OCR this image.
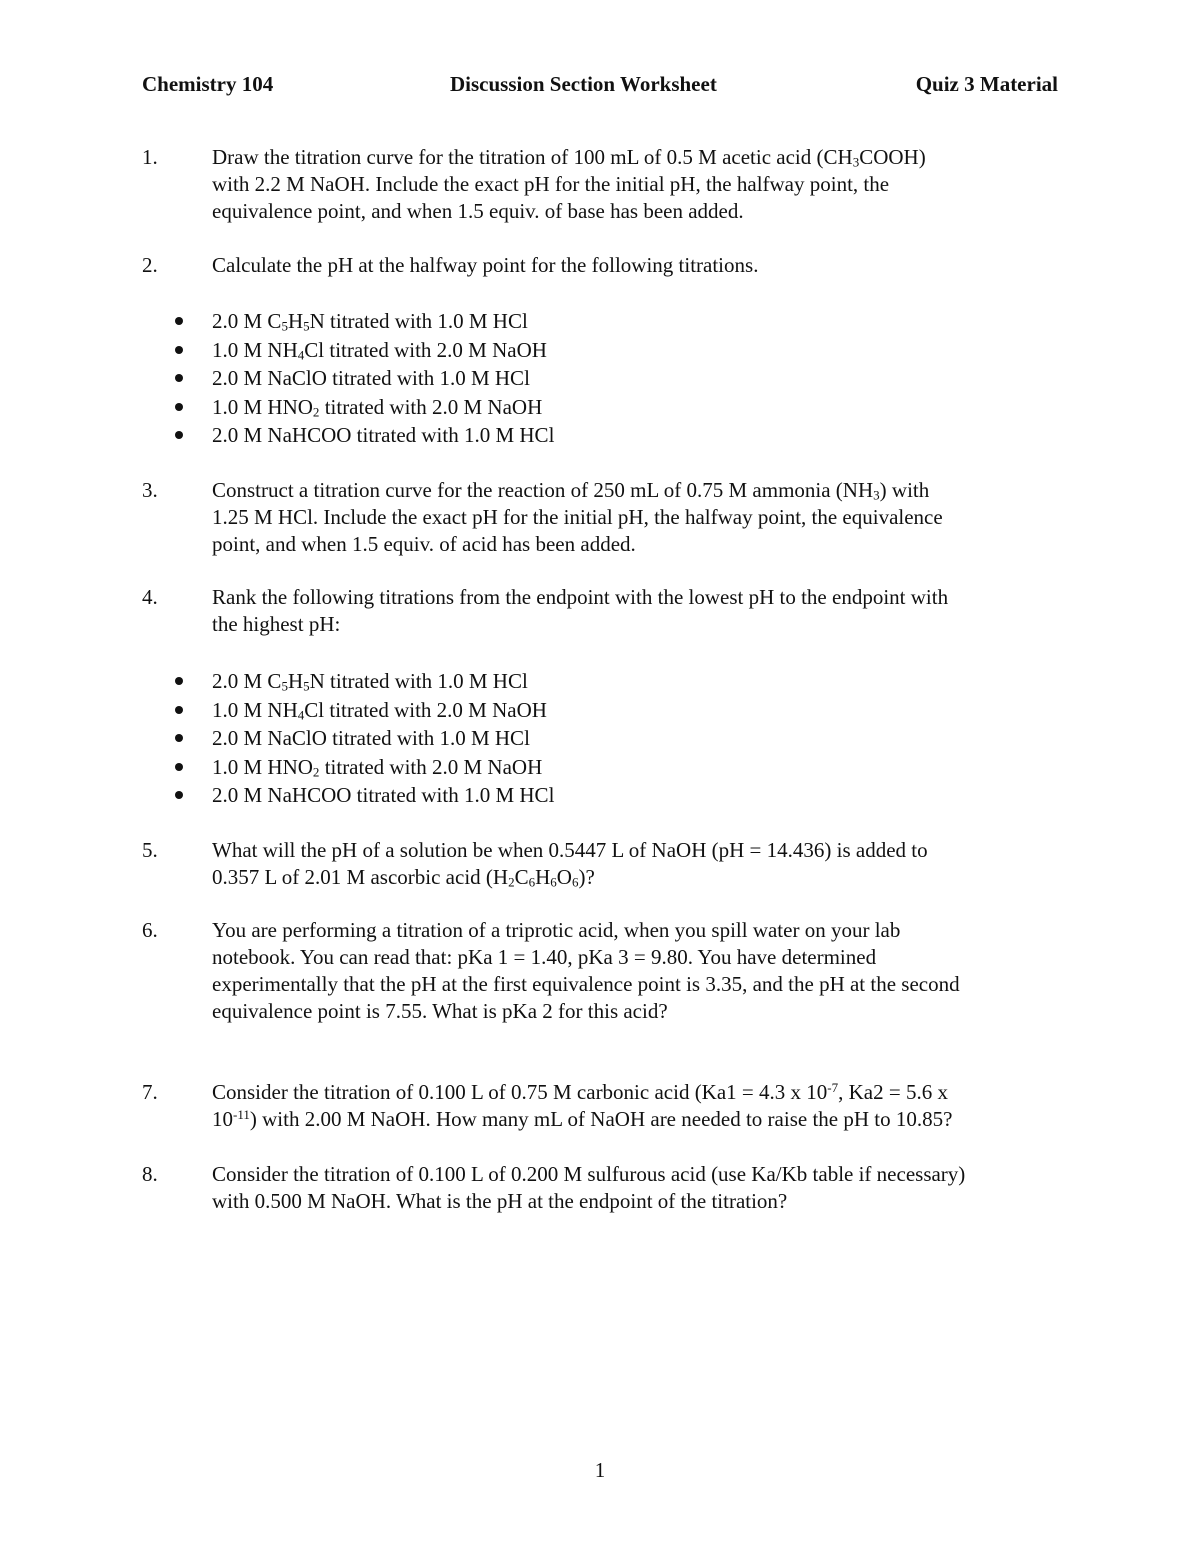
Chemistry 104	Discussion Section Worksheet	Quiz 3 Material
1.	Draw the titration curve for the titration of 100 mL of 0.5 M acetic acid $(CH_3COOH)$
with 2.2 M NaOH. Include the exact pH for the initial pH, the halfway point, the
equivalence point, and when 1.5 equiv. of base has been added.
2.	Calculate the pH at the halfway point for the following titrations.
2.0 M $C_5H_5N$ titrated with 1.0 M HCl
1.0 M $NH_4Cl$ titrated with 2.0 M NaOH
2.0 M NaClO titrated with 1.0 M HCl
1.0 M $HNO_2$ titrated with 2.0 M NaOH
2.0 M NaHCOO titrated with 1.0 M HCl
3.	Construct a titration curve for the reaction of 250 mL of 0.75 M ammonia $(NH_3)$ with
1.25 M HCl. Include the exact pH for the initial pH, the halfway point, the equivalence
point, and when 1.5 equiv. of acid has been added.
4.	Rank the following titrations from the endpoint with the lowest pH to the endpoint with
the highest pH:
2.0 M $C_5H_5N$ titrated with 1.0 M HCl
1.0 M $NH_4Cl$ titrated with 2.0 M NaOH
2.0 M NaClO titrated with 1.0 M HCl
1.0 M $HNO_2$ titrated with 2.0 M NaOH
2.0 M NaHCOO titrated with 1.0 M HCl
5.	What will the pH of a solution be when 0.5447 L of NaOH (pH = 14.436) is added to
0.357 L of 2.01 M ascorbic acid $(H_2C_6H_6O_6)$?
6.	You are performing a titration of a triprotic acid, when you spill water on your lab
notebook. You can read that: pKa 1 = 1.40, pKa 3 = 9.80. You have determined
experimentally that the pH at the first equivalence point is 3.35, and the pH at the second
equivalence point is 7.55. What is pKa 2 for this acid?
7.	Consider the titration of 0.100 L of 0.75 M carbonic acid (Ka1 = 4.3 x $10^{-7}$, Ka2 = 5.6 x
$10^{-11}$) with 2.00 M NaOH. How many mL of NaOH are needed to raise the pH to 10.85?
8.	Consider the titration of 0.100 L of 0.200 M sulfurous acid (use Ka/Kb table if necessary)
with 0.500 M NaOH. What is the pH at the endpoint of the titration?
1
